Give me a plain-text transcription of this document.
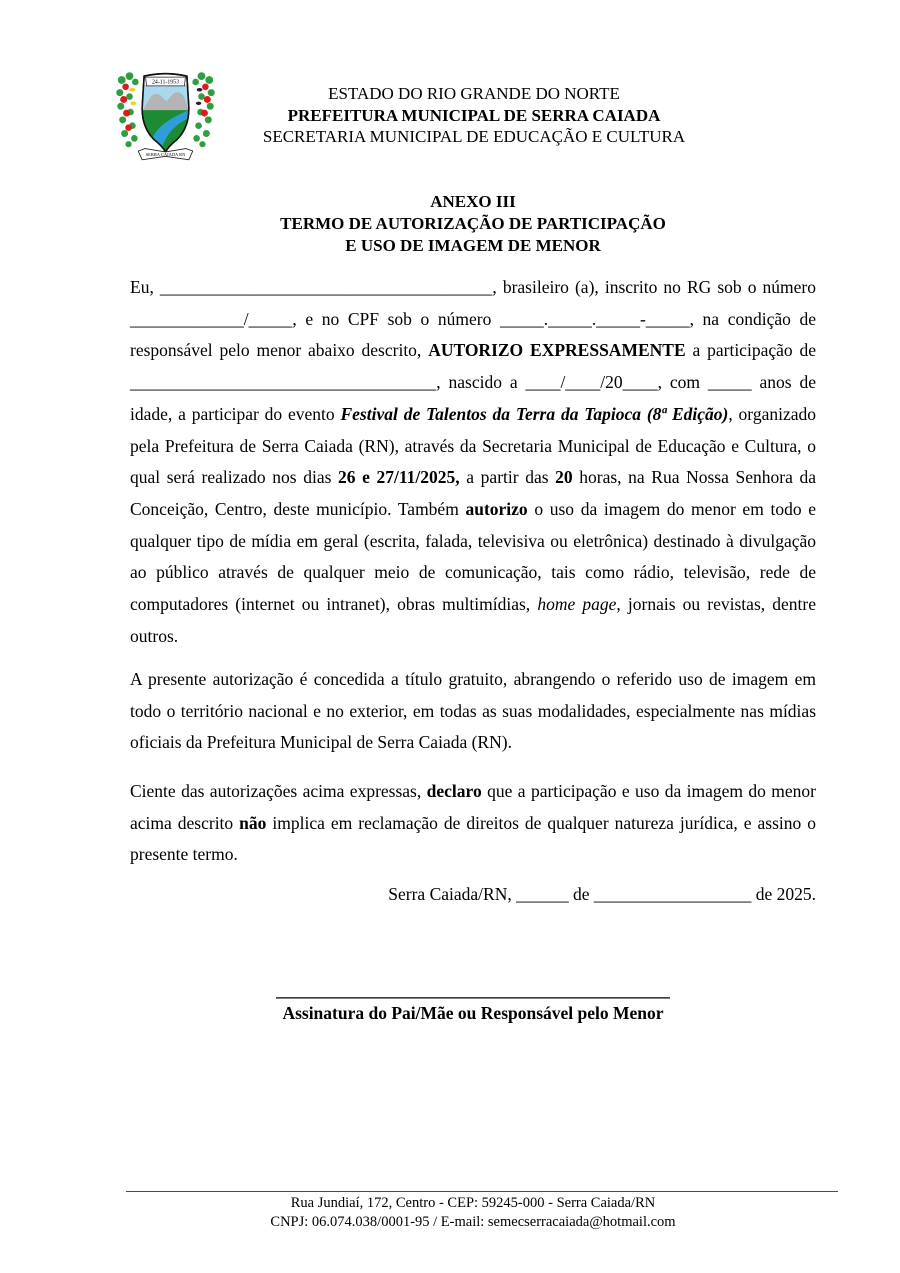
24-11-1953
SERRA CAIADA RN
ESTADO DO RIO GRANDE DO NORTE
PREFEITURA MUNICIPAL DE SERRA CAIADA
SECRETARIA MUNICIPAL DE EDUCAÇÃO E CULTURA
ANEXO III
TERMO DE AUTORIZAÇÃO DE PARTICIPAÇÃO
E USO DE IMAGEM DE MENOR
Eu, ______________________________________, brasileiro (a), inscrito no RG sob o número _____________/_____, e no CPF sob o número _____._____._____-_____, na condição de responsável pelo menor abaixo descrito, AUTORIZO EXPRESSAMENTE a participação de ___________________________________, nascido a ____/____/20____, com _____ anos de idade, a participar do evento Festival de Talentos da Terra da Tapioca (8ª Edição), organizado pela Prefeitura de Serra Caiada (RN), através da Secretaria Municipal de Educação e Cultura, o qual será realizado nos dias 26 e 27/11/2025, a partir das 20 horas, na Rua Nossa Senhora da Conceição, Centro, deste município. Também autorizo o uso da imagem do menor em todo e qualquer tipo de mídia em geral (escrita, falada, televisiva ou eletrônica) destinado à divulgação ao público através de qualquer meio de comunicação, tais como rádio, televisão, rede de computadores (internet ou intranet), obras multimídias, home page, jornais ou revistas, dentre outros.
A presente autorização é concedida a título gratuito, abrangendo o referido uso de imagem em todo o território nacional e no exterior, em todas as suas modalidades, especialmente nas mídias oficiais da Prefeitura Municipal de Serra Caiada (RN).
Ciente das autorizações acima expressas, declaro que a participação e uso da imagem do menor acima descrito não implica em reclamação de direitos de qualquer natureza jurídica, e assino o presente termo.
Serra Caiada/RN, ______ de __________________ de 2025.
_____________________________________________
Assinatura do Pai/Mãe ou Responsável pelo Menor
Rua Jundiaí, 172, Centro - CEP: 59245-000 - Serra Caiada/RN
CNPJ: 06.074.038/0001-95 / E-mail: semecserracaiada@hotmail.com
